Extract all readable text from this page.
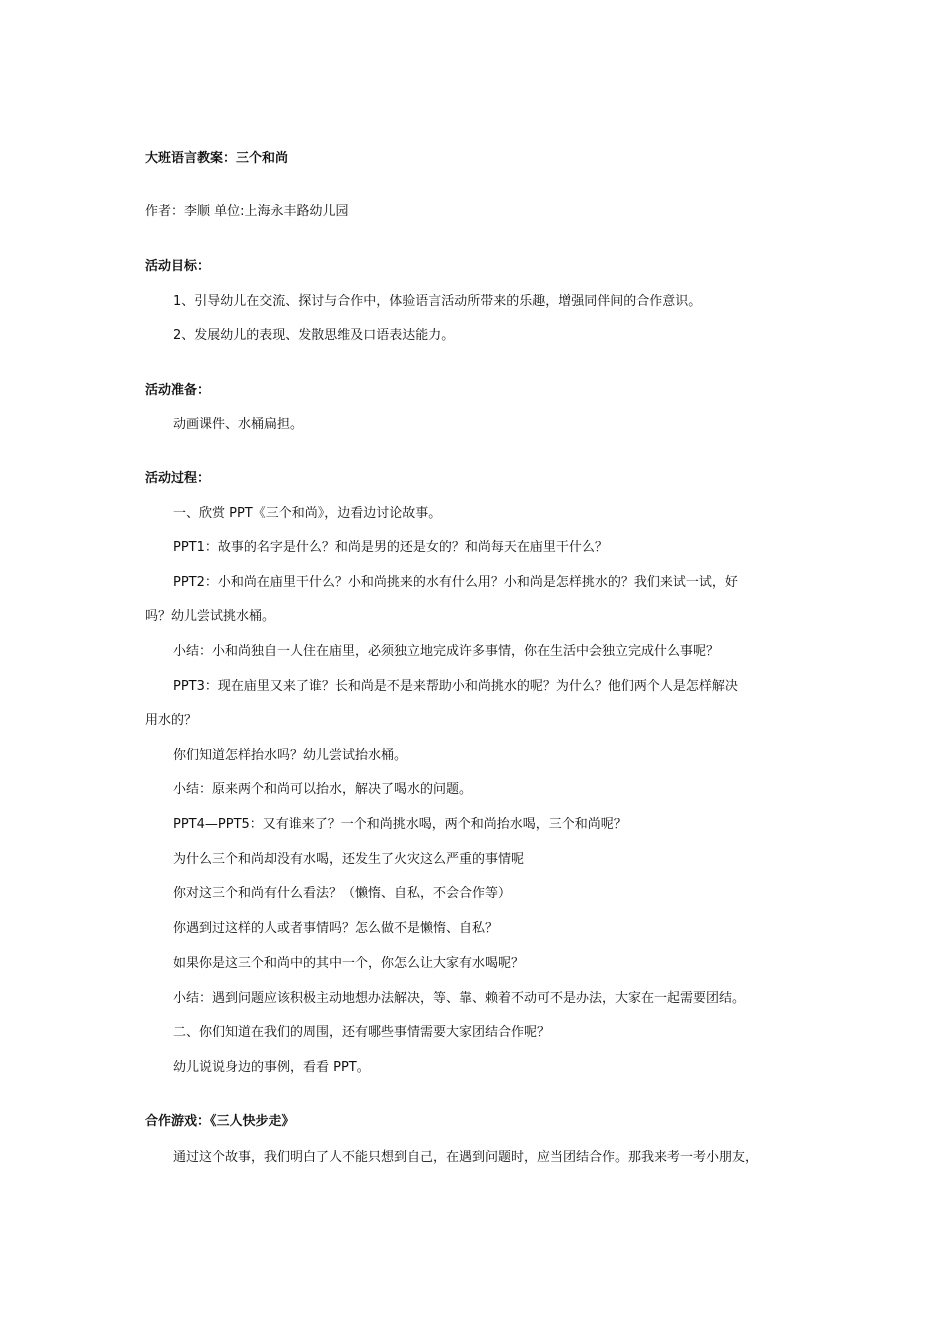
大班语言教案：三个和尚
作者：李顺 单位:上海永丰路幼儿园
活动目标：
1、引导幼儿在交流、探讨与合作中，体验语言活动所带来的乐趣，增强同伴间的合作意识。
2、发展幼儿的表现、发散思维及口语表达能力。
活动准备：
动画课件、水桶扁担。
活动过程：
一、欣赏 PPT《三个和尚》，边看边讨论故事。
PPT1：故事的名字是什么？和尚是男的还是女的？和尚每天在庙里干什么？
PPT2：小和尚在庙里干什么？小和尚挑来的水有什么用？小和尚是怎样挑水的？我们来试一试，好
吗？幼儿尝试挑水桶。
小结：小和尚独自一人住在庙里，必须独立地完成许多事情，你在生活中会独立完成什么事呢？
PPT3：现在庙里又来了谁？长和尚是不是来帮助小和尚挑水的呢？为什么？他们两个人是怎样解决
用水的？
你们知道怎样抬水吗？幼儿尝试抬水桶。
小结：原来两个和尚可以抬水，解决了喝水的问题。
PPT4—PPT5：又有谁来了？一个和尚挑水喝，两个和尚抬水喝，三个和尚呢？
为什么三个和尚却没有水喝，还发生了火灾这么严重的事情呢
你对这三个和尚有什么看法？（懒惰、自私，不会合作等）
你遇到过这样的人或者事情吗？怎么做不是懒惰、自私？
如果你是这三个和尚中的其中一个，你怎么让大家有水喝呢？
小结：遇到问题应该积极主动地想办法解决，等、靠、赖着不动可不是办法，大家在一起需要团结。
二、你们知道在我们的周围，还有哪些事情需要大家团结合作呢？
幼儿说说身边的事例，看看 PPT。
合作游戏：《三人快步走》
通过这个故事，我们明白了人不能只想到自己，在遇到问题时，应当团结合作。那我来考一考小朋友，
